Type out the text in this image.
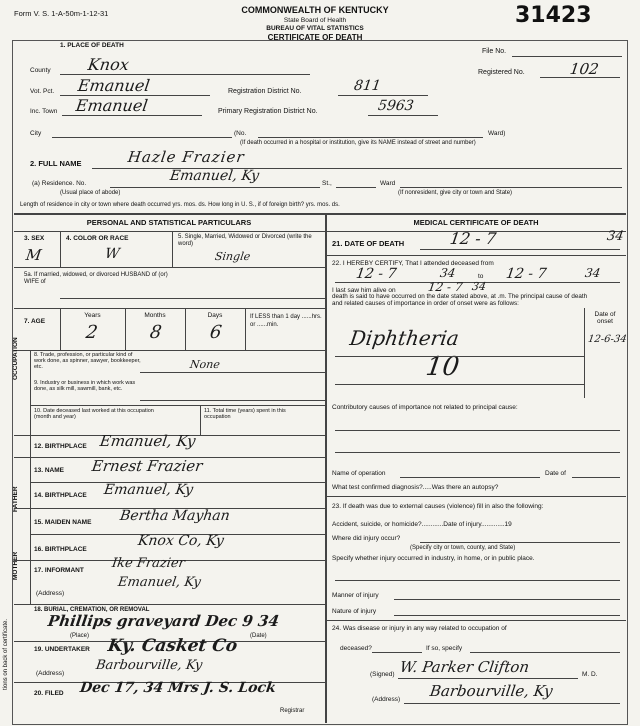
Form V. S. 1-A-50m-1-12-31	COMMONWEALTH OF KENTUCKY
State Board of Health
BUREAU OF VITAL STATISTICS
CERTIFICATE OF DEATH
31423
File No.
Registered No.	102
1. PLACE OF DEATH
County Knox
Vot. Pct. Emanuel	Registration District No.	811
Inc. Town Emanuel	Primary Registration District No.	5963
City	(No.	Ward)
(If death occurred in a hospital or institution, give its NAME instead of street and number)
2. FULL NAME	Hazle Frazier
(a) Residence. No.	Emanuel, Ky	St.,	Ward
(Usual place of abode)	(If nonresident, give city or town and State)
Length of residence in city or town where death occurred yrs. mos. ds. How long in U. S., if of foreign birth? yrs. mos. ds.
PERSONAL AND STATISTICAL PARTICULARS
3. SEX	4. COLOR OR RACE	5. Single, Married, Widowed or Divorced (write the word)
M	W	Single
5a. If married, widowed, or divorced HUSBAND of (or) WIFE of
7. AGE
Years	Months	Days	If LESS than 1 day ......hrs. or ......min.
2	8	6
OCCUPATION	8. Trade, profession, or particular kind of work done, as spinner, sawyer, bookkeeper, etc.	None
9. Industry or business in which work was done, as silk mill, sawmill, bank, etc.
10. Date deceased last worked at this occupation (month and year)
11. Total time (years) spent in this occupation
12. BIRTHPLACE Emanuel, Ky
FATHER
MOTHER
13. NAME Ernest Frazier
14. BIRTHPLACE Emanuel, Ky
15. MAIDEN NAME Bertha Mayhan
16. BIRTHPLACE
Knox Co, Ky
17. INFORMANT Ike Frazier
(Address)
Emanuel, Ky
18. BURIAL, CREMATION, OR REMOVAL
Phillips graveyard Dec 9 34
(Place)	(Date)
19. UNDERTAKER Ky. Casket Co
(Address)
Barbourville, Ky
20. FILED Dec 17, 34 Mrs J. S. Lock
Registrar
tions on back of certificate.
MEDICAL CERTIFICATE OF DEATH
21. DATE OF DEATH	12 - 7	34
22. I HEREBY CERTIFY, That I attended deceased from
12 - 7	34	to 12 - 7	34
I last saw him alive on	12 - 7 34
death is said to have occurred on the date stated above, at .m. The principal cause of death and related causes of importance in order of onset were as follows:
Date of onset
Diphtheria
10
12-6-34
Contributory causes of importance not related to principal cause:
Name of operation	Date of
What test confirmed diagnosis?.....Was there an autopsy?
23. If death was due to external causes (violence) fill in also the following:
Accident, suicide, or homicide?............Date of injury.............19
Where did injury occur?
(Specify city or town, county, and State)
Specify whether injury occurred in industry, in home, or in public place.
Manner of injury
Nature of injury
24. Was disease or injury in any way related to occupation of
deceased?	If so, specify
(Signed) W. Parker Clifton	M. D.
(Address) Barbourville, Ky
